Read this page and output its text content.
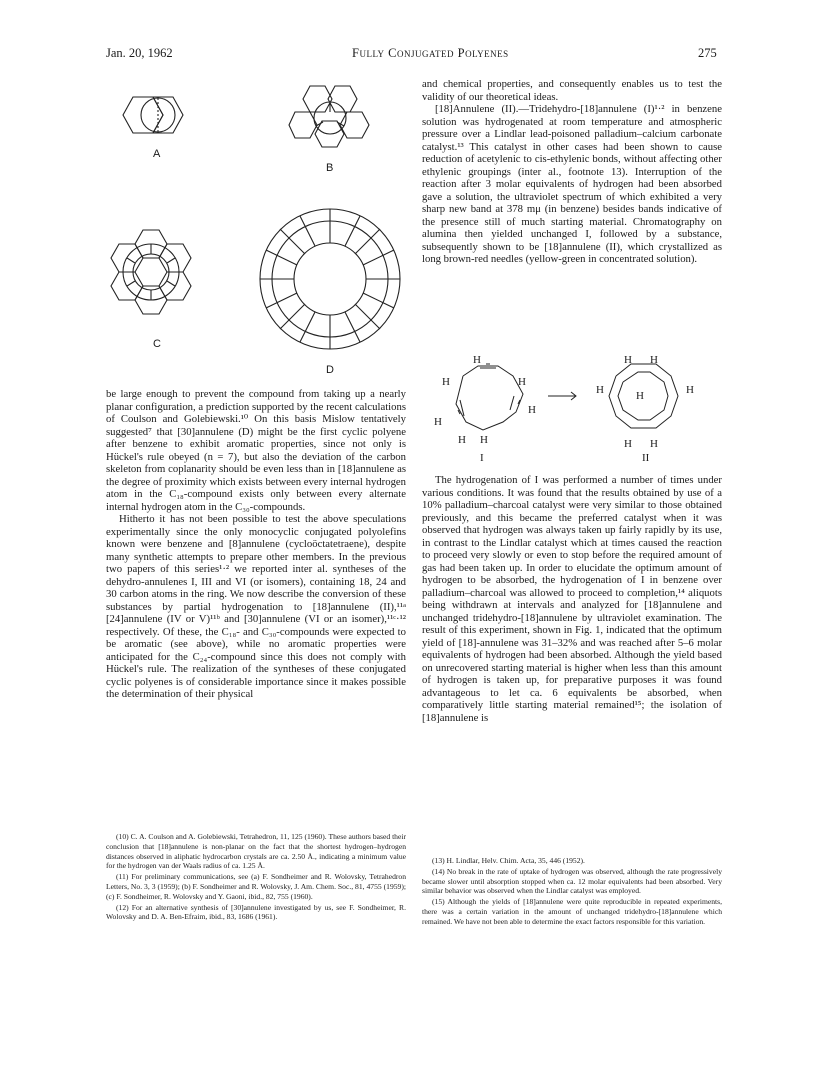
Jan. 20, 1962	Fully Conjugated Polyenes	275
A
B
C
D

be large enough to prevent the compound from taking up a nearly planar configuration, a prediction supported by the recent calculations of Coulson and Golebiewski.¹⁰ On this basis Mislow tentatively suggested⁷ that [30]annulene (D) might be the first cyclic polyene after benzene to exhibit aromatic properties, since not only is Hückel's rule obeyed (n = 7), but also the deviation of the carbon skeleton from coplanarity should be even less than in [18]annulene as the degree of proximity which exists between every internal hydrogen atom in the C₁₈-compound exists only between every alternate internal hydrogen atom in the C₃₀-compounds.

Hitherto it has not been possible to test the above speculations experimentally since the only monocyclic conjugated polyolefins known were benzene and [8]annulene (cycloöctatetraene), despite many synthetic attempts to prepare other members. In the previous two papers of this series¹·² we reported inter al. syntheses of the dehydro-annulenes I, III and VI (or isomers), containing 18, 24 and 30 carbon atoms in the ring. We now describe the conversion of these substances by partial hydrogenation to [18]annulene (II),¹¹ᵃ [24]annulene (IV or V)¹¹ᵇ and [30]annulene (VI or an isomer),¹¹ᶜ·¹² respectively. Of these, the C₁₈- and C₃₀-compounds were expected to be aromatic (see above), while no aromatic properties were anticipated for the C₂₄-compound since this does not comply with Hückel's rule. The realization of the syntheses of these conjugated cyclic polyenes is of considerable importance since it makes possible the determination of their physical

(10) C. A. Coulson and A. Golebiewski, Tetrahedron, 11, 125 (1960). These authors based their conclusion that [18]annulene is non-planar on the fact that the shortest hydrogen–hydrogen distances observed in aliphatic hydrocarbon crystals are ca. 2.50 Å., indicating a minimum value for the hydrogen van der Waals radius of ca. 1.25 Å.

(11) For preliminary communications, see (a) F. Sondheimer and R. Wolovsky, Tetrahedron Letters, No. 3, 3 (1959); (b) F. Sondheimer and R. Wolovsky, J. Am. Chem. Soc., 81, 4755 (1959); (c) F. Sondheimer, R. Wolovsky and Y. Gaoni, ibid., 82, 755 (1960).

(12) For an alternative synthesis of [30]annulene investigated by us, see F. Sondheimer, R. Wolovsky and D. A. Ben-Efraim, ibid., 83, 1686 (1961).

and chemical properties, and consequently enables us to test the validity of our theoretical ideas.

[18]Annulene (II).—Tridehydro-[18]annulene (I)¹·² in benzene solution was hydrogenated at room temperature and atmospheric pressure over a Lindlar lead-poisoned palladium–calcium carbonate catalyst.¹³ This catalyst in other cases had been shown to cause reduction of acetylenic to cis-ethylenic bonds, without affecting other ethylenic groupings (inter al., footnote 13). Interruption of the reaction after 3 molar equivalents of hydrogen had been absorbed gave a solution, the ultraviolet spectrum of which exhibited a very sharp new band at 378 mμ (in benzene) besides bands indicative of the presence still of much starting material. Chromatography on alumina then yielded unchanged I, followed by a substance, subsequently shown to be [18]annulene (II), which crystallized as long brown-red needles (yellow-green in concentrated solution).

H
H	H
H
H
H H
H H
H	H
H
H H
I	II

The hydrogenation of I was performed a number of times under various conditions. It was found that the results obtained by use of a 10% palladium–charcoal catalyst were very similar to those obtained previously, and this became the preferred catalyst when it was observed that hydrogen was always taken up fairly rapidly by its use, in contrast to the Lindlar catalyst which at times caused the reaction to proceed very slowly or even to stop before the required amount of gas had been taken up. In order to elucidate the optimum amount of hydrogen to be absorbed, the hydrogenation of I in benzene over palladium–charcoal was allowed to proceed to completion,¹⁴ aliquots being withdrawn at intervals and analyzed for [18]annulene and unchanged tridehydro-[18]annulene by ultraviolet examination. The result of this experiment, shown in Fig. 1, indicated that the optimum yield of [18]-annulene was 31–32% and was reached after 5–6 molar equivalents of hydrogen had been absorbed. Although the yield based on unrecovered starting material is higher when less than this amount of hydrogen is taken up, for preparative purposes it was found advantageous to let ca. 6 equivalents be absorbed, when comparatively little starting material remained¹⁵; the isolation of [18]annulene is

(13) H. Lindlar, Helv. Chim. Acta, 35, 446 (1952).

(14) No break in the rate of uptake of hydrogen was observed, although the rate progressively became slower until absorption stopped when ca. 12 molar equivalents had been absorbed. Very similar behavior was observed when the Lindlar catalyst was employed.

(15) Although the yields of [18]annulene were quite reproducible in repeated experiments, there was a certain variation in the amount of unchanged tridehydro-[18]annulene which remained. We have not been able to determine the exact factors responsible for this variation.
